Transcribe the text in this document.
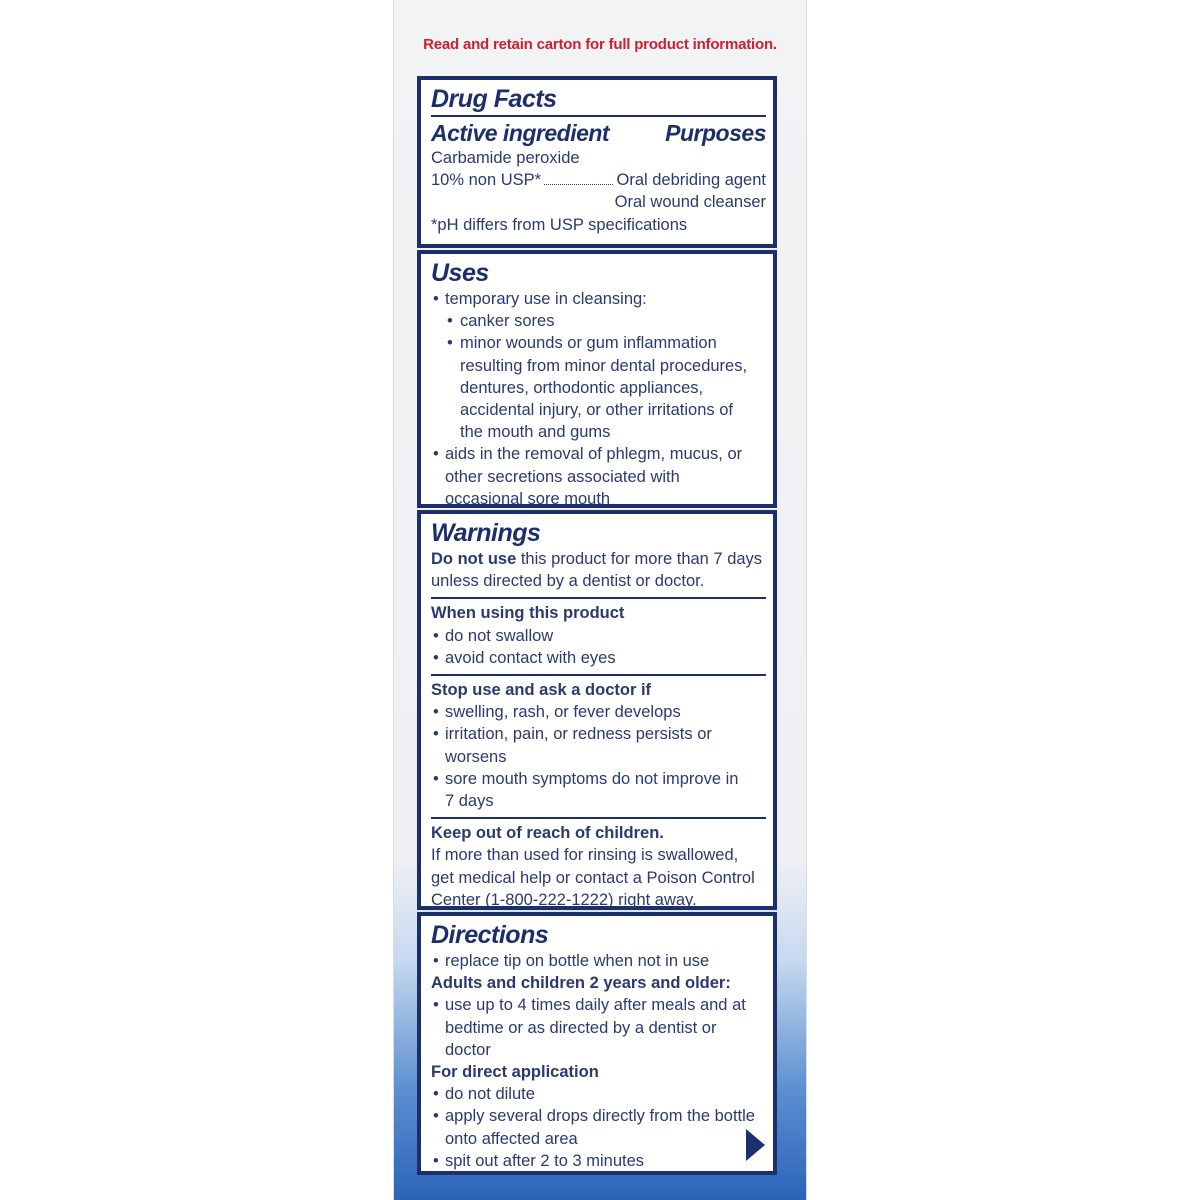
Read and retain carton for full product information.
Drug Facts
Active ingredient Purposes
Carbamide peroxide
10% non USP*	Oral debriding agent
Oral wound cleanser
*pH differs from USP specifications
Uses
• temporary use in cleansing:
• canker sores
• minor wounds or gum inflammation
resulting from minor dental procedures,
dentures, orthodontic appliances,
accidental injury, or other irritations of
the mouth and gums
• aids in the removal of phlegm, mucus, or
other secretions associated with
occasional sore mouth
Warnings
Do not use this product for more than 7 days
unless directed by a dentist or doctor.
When using this product
• do not swallow
• avoid contact with eyes
Stop use and ask a doctor if
• swelling, rash, or fever develops
• irritation, pain, or redness persists or
worsens
• sore mouth symptoms do not improve in
7 days
Keep out of reach of children.
If more than used for rinsing is swallowed,
get medical help or contact a Poison Control
Center (1-800-222-1222) right away.
Directions
• replace tip on bottle when not in use
Adults and children 2 years and older:
• use up to 4 times daily after meals and at
bedtime or as directed by a dentist or
doctor
For direct application
• do not dilute
• apply several drops directly from the bottle
onto affected area
• spit out after 2 to 3 minutes
